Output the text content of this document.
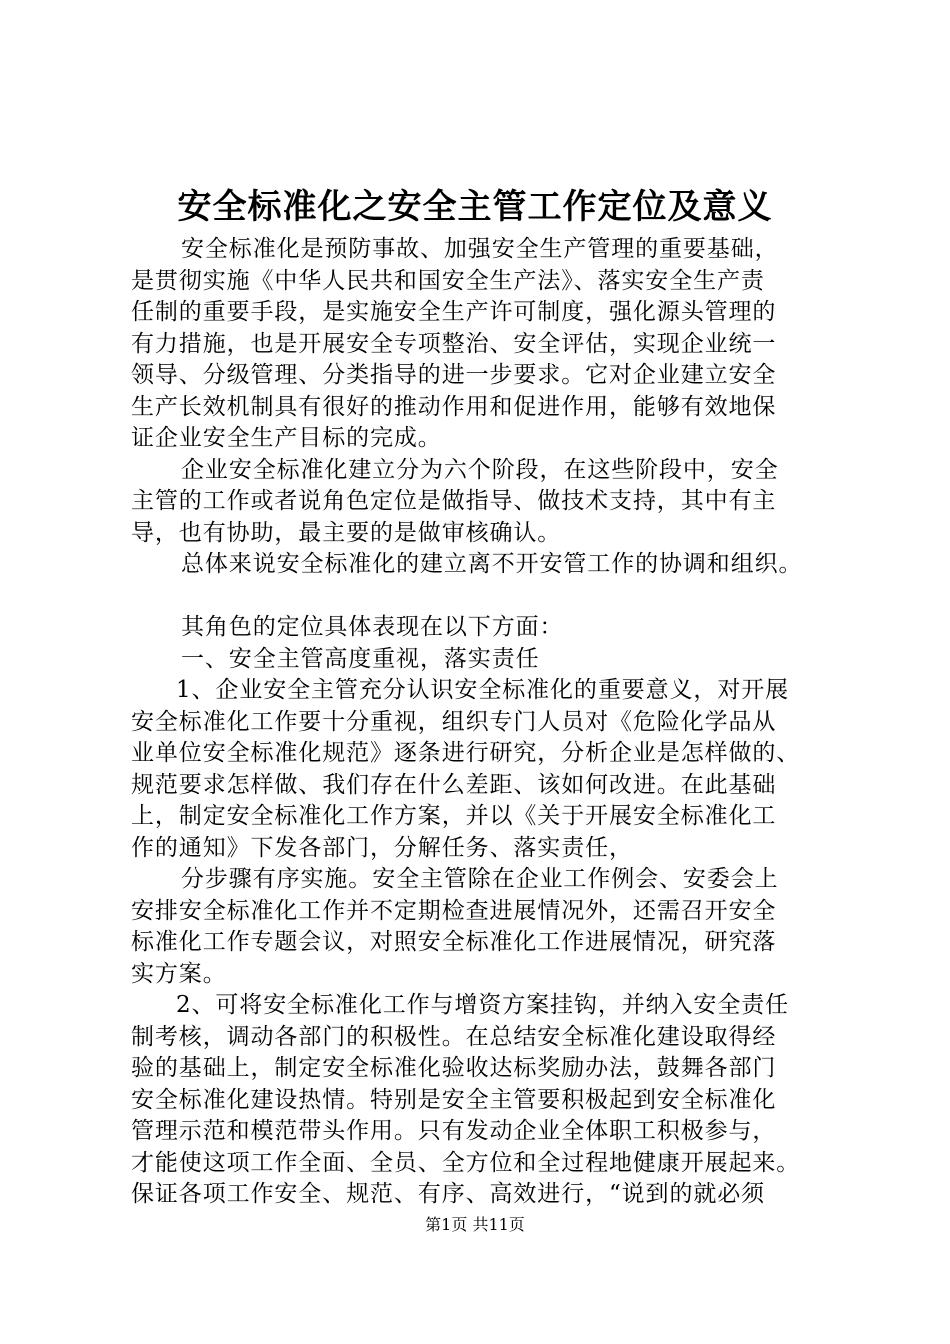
安全标准化之安全主管工作定位及意义
安全标准化是预防事故、加强安全生产管理的重要基础，
是贯彻实施《中华人民共和国安全生产法》、落实安全生产责
任制的重要手段，是实施安全生产许可制度，强化源头管理的
有力措施，也是开展安全专项整治、安全评估，实现企业统一
领导、分级管理、分类指导的进一步要求。它对企业建立安全
生产长效机制具有很好的推动作用和促进作用，能够有效地保
证企业安全生产目标的完成。
企业安全标准化建立分为六个阶段，在这些阶段中，安全
主管的工作或者说角色定位是做指导、做技术支持，其中有主
导，也有协助，最主要的是做审核确认。
总体来说安全标准化的建立离不开安管工作的协调和组织。
其角色的定位具体表现在以下方面：
一、安全主管高度重视，落实责任
1、企业安全主管充分认识安全标准化的重要意义，对开展
安全标准化工作要十分重视，组织专门人员对《危险化学品从
业单位安全标准化规范》逐条进行研究，分析企业是怎样做的、
规范要求怎样做、我们存在什么差距、该如何改进。在此基础
上，制定安全标准化工作方案，并以《关于开展安全标准化工
作的通知》下发各部门，分解任务、落实责任，
分步骤有序实施。安全主管除在企业工作例会、安委会上
安排安全标准化工作并不定期检查进展情况外，还需召开安全
标准化工作专题会议，对照安全标准化工作进展情况，研究落
实方案。
2、可将安全标准化工作与增资方案挂钩，并纳入安全责任
制考核，调动各部门的积极性。在总结安全标准化建设取得经
验的基础上，制定安全标准化验收达标奖励办法，鼓舞各部门
安全标准化建设热情。特别是安全主管要积极起到安全标准化
管理示范和模范带头作用。只有发动企业全体职工积极参与，
才能使这项工作全面、全员、全方位和全过程地健康开展起来。
保证各项工作安全、规范、有序、高效进行，“说到的就必须
第1页 共11页
